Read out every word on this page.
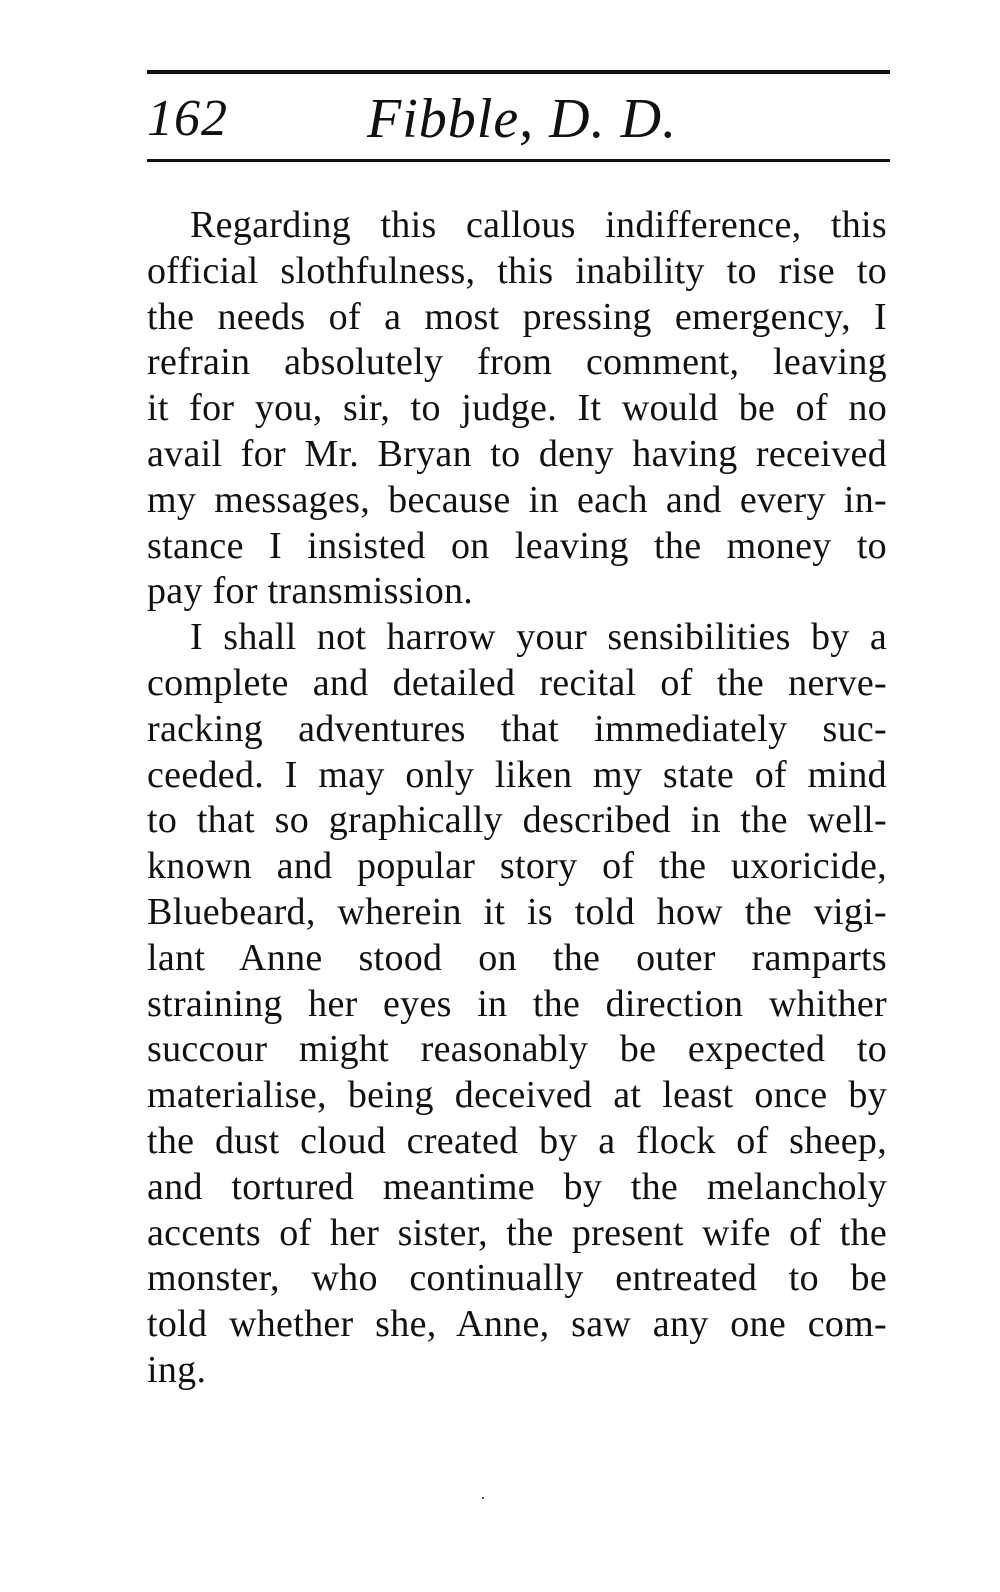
162 Fibble, D. D.
Regarding this callous indifference, this
official slothfulness, this inability to rise to
the needs of a most pressing emergency, I
refrain absolutely from comment, leaving
it for you, sir, to judge. It would be of no
avail for Mr. Bryan to deny having received
my messages, because in each and every in-
stance I insisted on leaving the money to
pay for transmission.
I shall not harrow your sensibilities by a
complete and detailed recital of the nerve-
racking adventures that immediately suc-
ceeded. I may only liken my state of mind
to that so graphically described in the well-
known and popular story of the uxoricide,
Bluebeard, wherein it is told how the vigi-
lant Anne stood on the outer ramparts
straining her eyes in the direction whither
succour might reasonably be expected to
materialise, being deceived at least once by
the dust cloud created by a flock of sheep,
and tortured meantime by the melancholy
accents of her sister, the present wife of the
monster, who continually entreated to be
told whether she, Anne, saw any one com-
ing.
